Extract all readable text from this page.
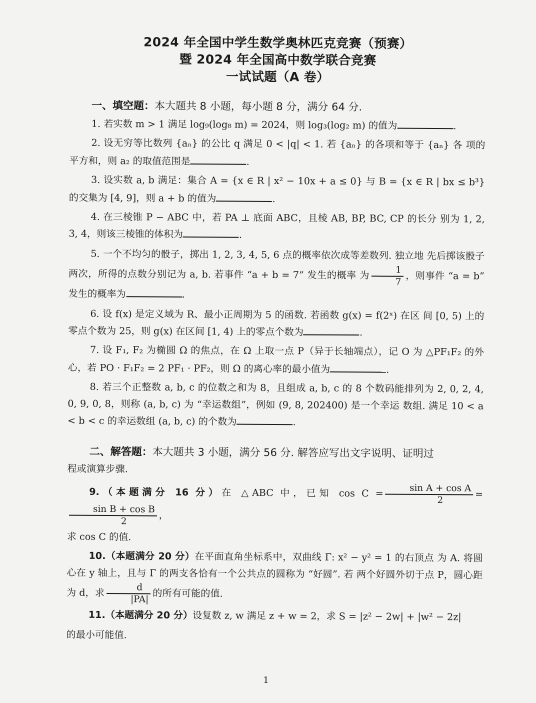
2024 年全国中学生数学奥林匹克竞赛（预赛）
暨 2024 年全国高中数学联合竞赛
一试试题（A 卷）
一、填空题：本大题共 8 小题，每小题 8 分，满分 64 分.
1. 若实数 m > 1 满足 log₉(log₈ m) = 2024，则 log₃(log₂ m) 的值为	.
2. 设无穷等比数列 {aₙ} 的公比 q 满足 0 < |q| < 1. 若 {aₙ} 的各项和等于 {aₙ} 各 项的平方和，则 a₂ 的取值范围是	.
3. 设实数 a, b 满足：集合 A = {x ∈ R | x² − 10x + a ≤ 0} 与 B = {x ∈ R | bx ≤ b³} 的交集为 [4, 9]，则 a + b 的值为	.
4. 在三棱锥 P − ABC 中，若 PA ⊥ 底面 ABC，且棱 AB, BP, BC, CP 的长分 别为 1, 2, 3, 4，则该三棱锥的体积为	.
5. 一个不均匀的骰子，掷出 1, 2, 3, 4, 5, 6 点的概率依次成等差数列. 独立地 先后掷该骰子两次，所得的点数分别记为 a, b. 若事件 “a + b = 7” 发生的概率 为 $\frac{1}{7}$ ，则事件 “a = b” 发生的概率为	.
6. 设 f(x) 是定义域为 R、最小正周期为 5 的函数. 若函数 g(x) = f(2ˣ) 在区 间 [0, 5) 上的零点个数为 25，则 g(x) 在区间 [1, 4) 上的零点个数为	.
7. 设 F₁, F₂ 为椭圆 Ω 的焦点，在 Ω 上取一点 P（异于长轴端点），记 O 为 △PF₁F₂ 的外心，若 PO · F₁F₂ = 2 PF₁ · PF₂，则 Ω 的离心率的最小值为	.
8. 若三个正整数 a, b, c 的位数之和为 8，且组成 a, b, c 的 8 个数码能排列为 2, 0, 2, 4, 0, 9, 0, 8，则称 (a, b, c) 为 “幸运数组”，例如 (9, 8, 202400) 是一个幸运 数组. 满足 10 < a < b < c 的幸运数组 (a, b, c) 的个数为	.
二、解答题：本大题共 3 小题，满分 56 分. 解答应写出文字说明、证明过
程或演算步骤.
9.（本题满分 16 分）在 △ABC 中，已知 $\cos C = \frac{\text{sin A + cos A}}{2}$ =
$\frac{\text{sin B + cos B}}{2}$ ，
求 cos C 的值.
10.（本题满分 20 分）在平面直角坐标系中，双曲线 Γ: x² − y² = 1 的右顶点 为 A. 将圆心在 y 轴上，且与 Γ 的两支各恰有一个公共点的圆称为 “好圆”. 若 两个好圆外切于点 P，圆心距为 d，求 $\frac{d}{|PA|}$ 的所有可能的值.
11.（本题满分 20 分）设复数 z, w 满足 z + w = 2，求 S = |z² − 2w| + |w² − 2z|
的最小可能值.
1
